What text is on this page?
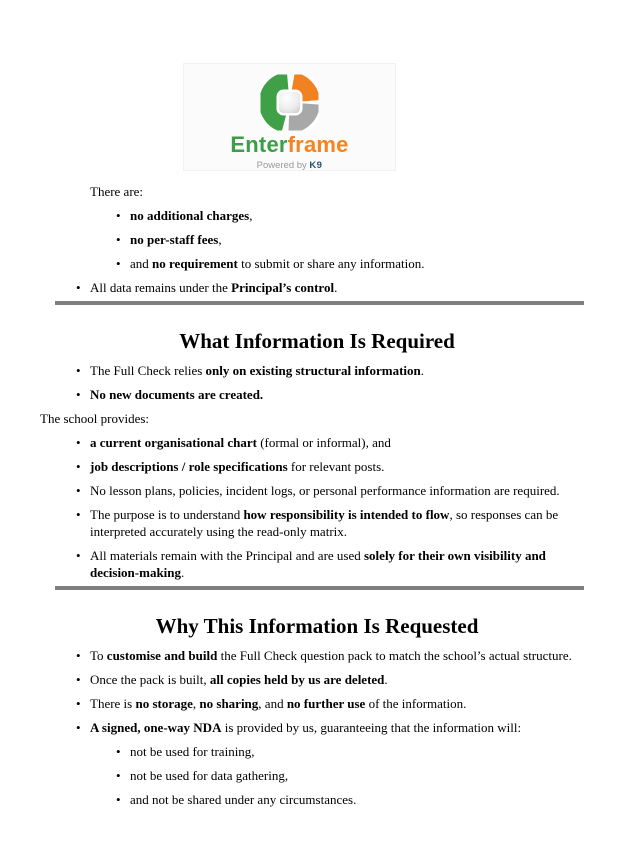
Enterframe
Powered by K9
There are:
• no additional charges,
• no per-staff fees,
• and no requirement to submit or share any information.
• All data remains under the Principal’s control.
What Information Is Required
• The Full Check relies only on existing structural information.
• No new documents are created.
The school provides:
• a current organisational chart (formal or informal), and
• job descriptions / role specifications for relevant posts.
• No lesson plans, policies, incident logs, or personal performance information are required.
• The purpose is to understand how responsibility is intended to flow, so responses can be interpreted accurately using the read-only matrix.
• All materials remain with the Principal and are used solely for their own visibility and decision-making.
Why This Information Is Requested
• To customise and build the Full Check question pack to match the school’s actual structure.
• Once the pack is built, all copies held by us are deleted.
• There is no storage, no sharing, and no further use of the information.
• A signed, one-way NDA is provided by us, guaranteeing that the information will:
• not be used for training,
• not be used for data gathering,
• and not be shared under any circumstances.
